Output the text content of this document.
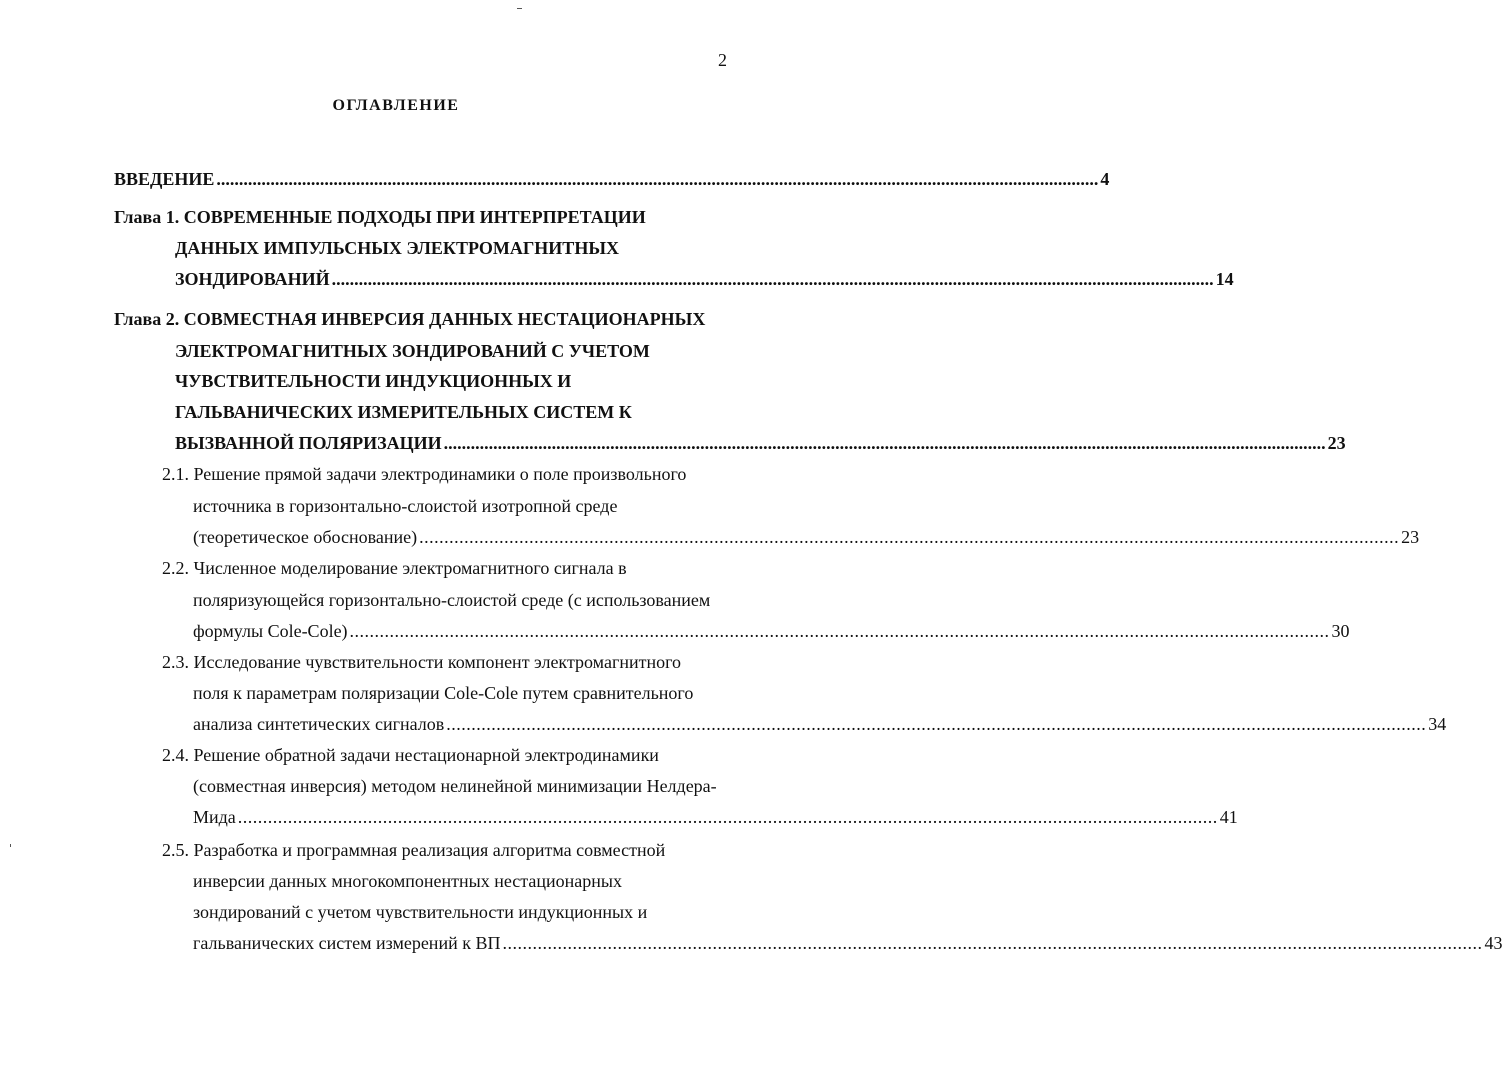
2
ОГЛАВЛЕНИЕ
ВВЕДЕНИЕ .................................................................................................................................................................................................... 4
Глава 1. СОВРЕМЕННЫЕ ПОДХОДЫ ПРИ ИНТЕРПРЕТАЦИИ
ДАННЫХ ИМПУЛЬСНЫХ ЭЛЕКТРОМАГНИТНЫХ
ЗОНДИРОВАНИЙ .................................................................................................................................................................................................... 14
Глава 2. СОВМЕСТНАЯ ИНВЕРСИЯ ДАННЫХ НЕСТАЦИОНАРНЫХ
ЭЛЕКТРОМАГНИТНЫХ ЗОНДИРОВАНИЙ С УЧЕТОМ
ЧУВСТВИТЕЛЬНОСТИ ИНДУКЦИОННЫХ И
ГАЛЬВАНИЧЕСКИХ ИЗМЕРИТЕЛЬНЫХ СИСТЕМ К
ВЫЗВАННОЙ ПОЛЯРИЗАЦИИ .................................................................................................................................................................................................... 23
2.1. Решение прямой задачи электродинамики о поле произвольного
источника в горизонтально-слоистой изотропной среде
(теоретическое обоснование) .................................................................................................................................................................................................... 23
2.2. Численное моделирование электромагнитного сигнала в
поляризующейся горизонтально-слоистой среде (с использованием
формулы Cole-Cole) .................................................................................................................................................................................................... 30
2.3. Исследование чувствительности компонент электромагнитного
поля к параметрам поляризации Cole-Cole путем сравнительного
анализа синтетических сигналов .................................................................................................................................................................................................... 34
2.4. Решение обратной задачи нестационарной электродинамики
(совместная инверсия) методом нелинейной минимизации Нелдера-
Мида .................................................................................................................................................................................................... 41
2.5. Разработка и программная реализация алгоритма совместной
инверсии данных многокомпонентных нестационарных
зондирований с учетом чувствительности индукционных и
гальванических систем измерений к ВП .................................................................................................................................................................................................... 43
